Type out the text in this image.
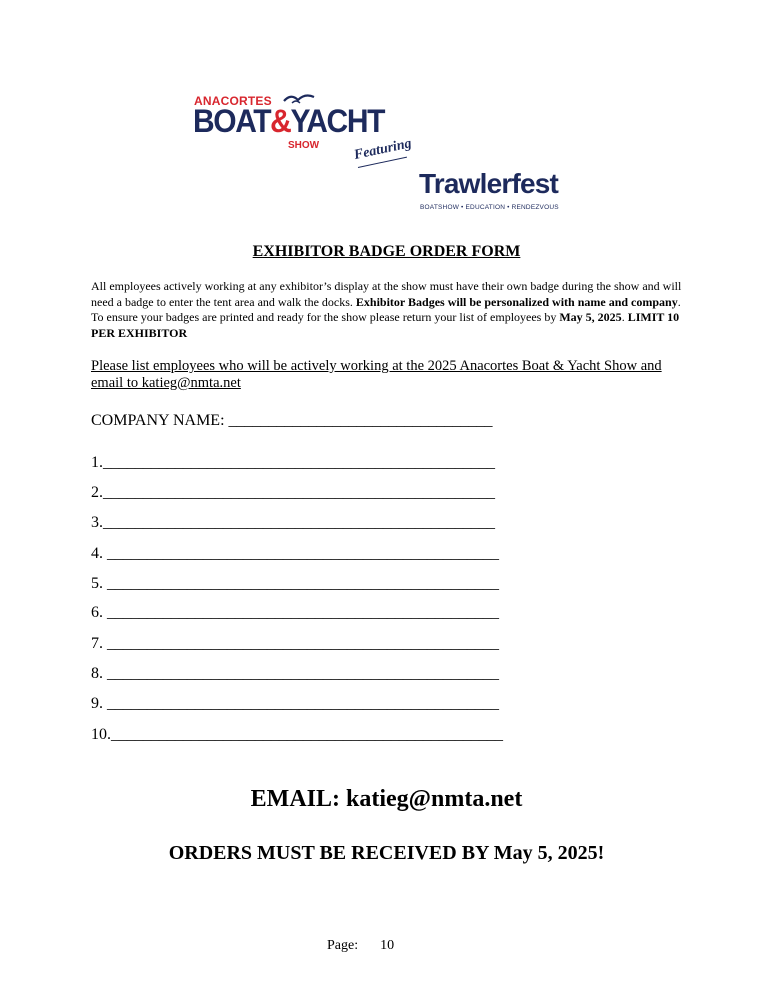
ANACORTES
BOAT&YACHT
SHOW Featuring
Trawlerfest
BOATSHOW • EDUCATION • RENDEZVOUS
EXHIBITOR BADGE ORDER FORM
All employees actively working at any exhibitor’s display at the show must have their own badge during the show and will need a badge to enter the tent area and walk the docks. Exhibitor Badges will be personalized with name and company. To ensure your badges are printed and ready for the show please return your list of employees by May 5, 2025. LIMIT 10 PER EXHIBITOR
Please list employees who will be actively working at the 2025 Anacortes Boat & Yacht Show and email to katieg@nmta.net
COMPANY NAME: _________________________________
1._________________________________________________
2._________________________________________________
3._________________________________________________
4. _________________________________________________
5. _________________________________________________
6. _________________________________________________
7. _________________________________________________
8. _________________________________________________
9. _________________________________________________
10._________________________________________________
EMAIL: katieg@nmta.net
ORDERS MUST BE RECEIVED BY May 5, 2025!
Page: 10
